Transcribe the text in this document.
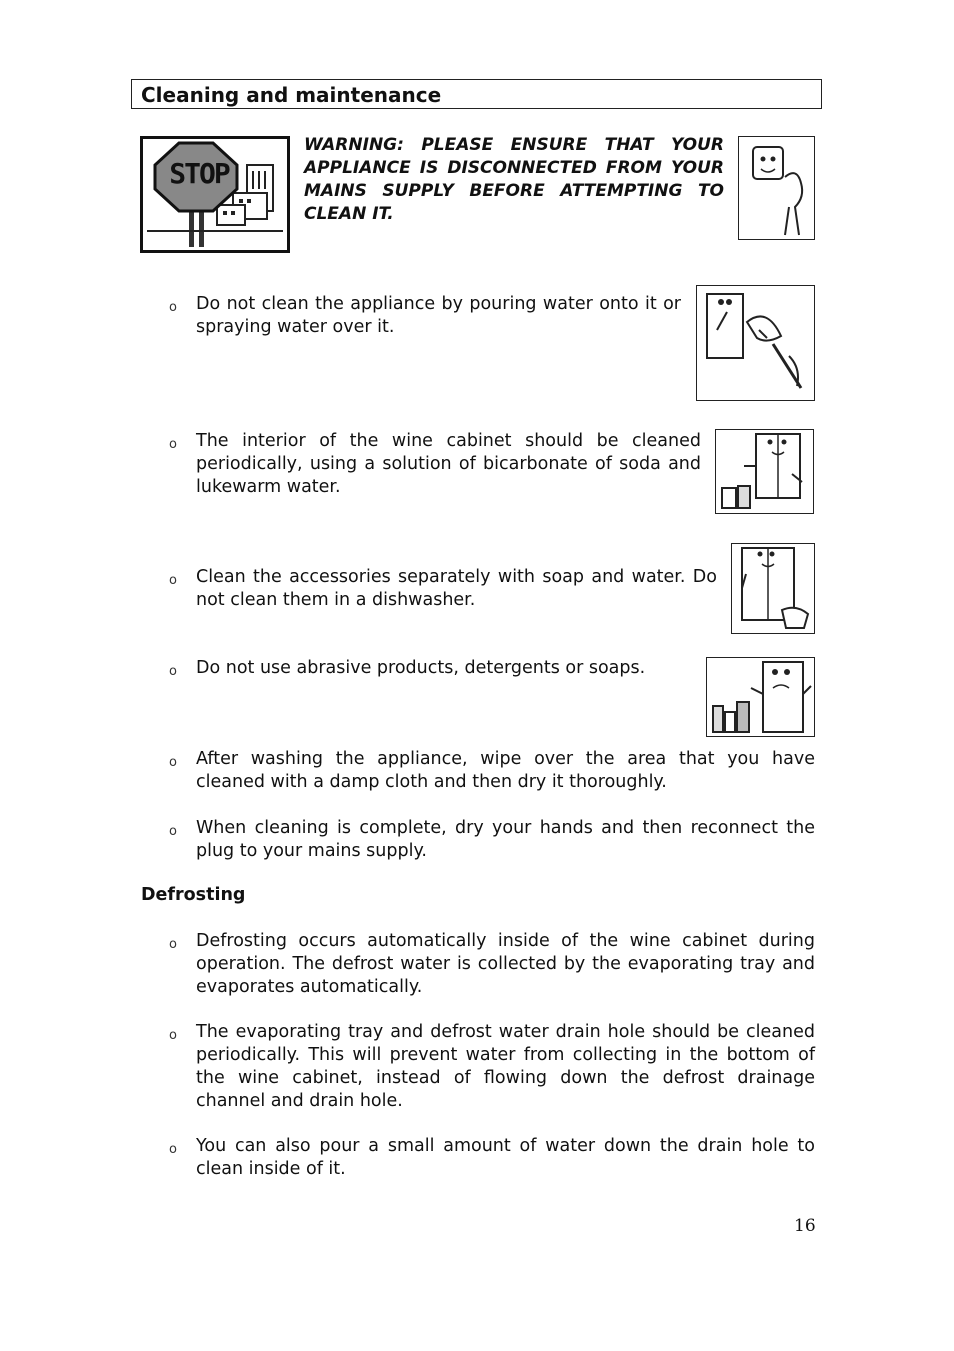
Cleaning and maintenance
STOP
WARNING: PLEASE ENSURE THAT YOUR APPLIANCE IS DISCONNECTED FROM YOUR MAINS SUPPLY BEFORE ATTEMPTING TO CLEAN IT.
o Do not clean the appliance by pouring water onto it or spraying water over it.
o The interior of the wine cabinet should be cleaned periodically, using a solution of bicarbonate of soda and lukewarm water.
o Clean the accessories separately with soap and water. Do not clean them in a dishwasher.
o Do not use abrasive products, detergents or soaps.
o After washing the appliance, wipe over the area that you have cleaned with a damp cloth and then dry it thoroughly.
o When cleaning is complete, dry your hands and then reconnect the plug to your mains supply.
Defrosting
o Defrosting occurs automatically inside of the wine cabinet during operation. The defrost water is collected by the evaporating tray and evaporates automatically.
o The evaporating tray and defrost water drain hole should be cleaned periodically. This will prevent water from collecting in the bottom of the wine cabinet, instead of flowing down the defrost drainage channel and drain hole.
o You can also pour a small amount of water down the drain hole to clean inside of it.
16
